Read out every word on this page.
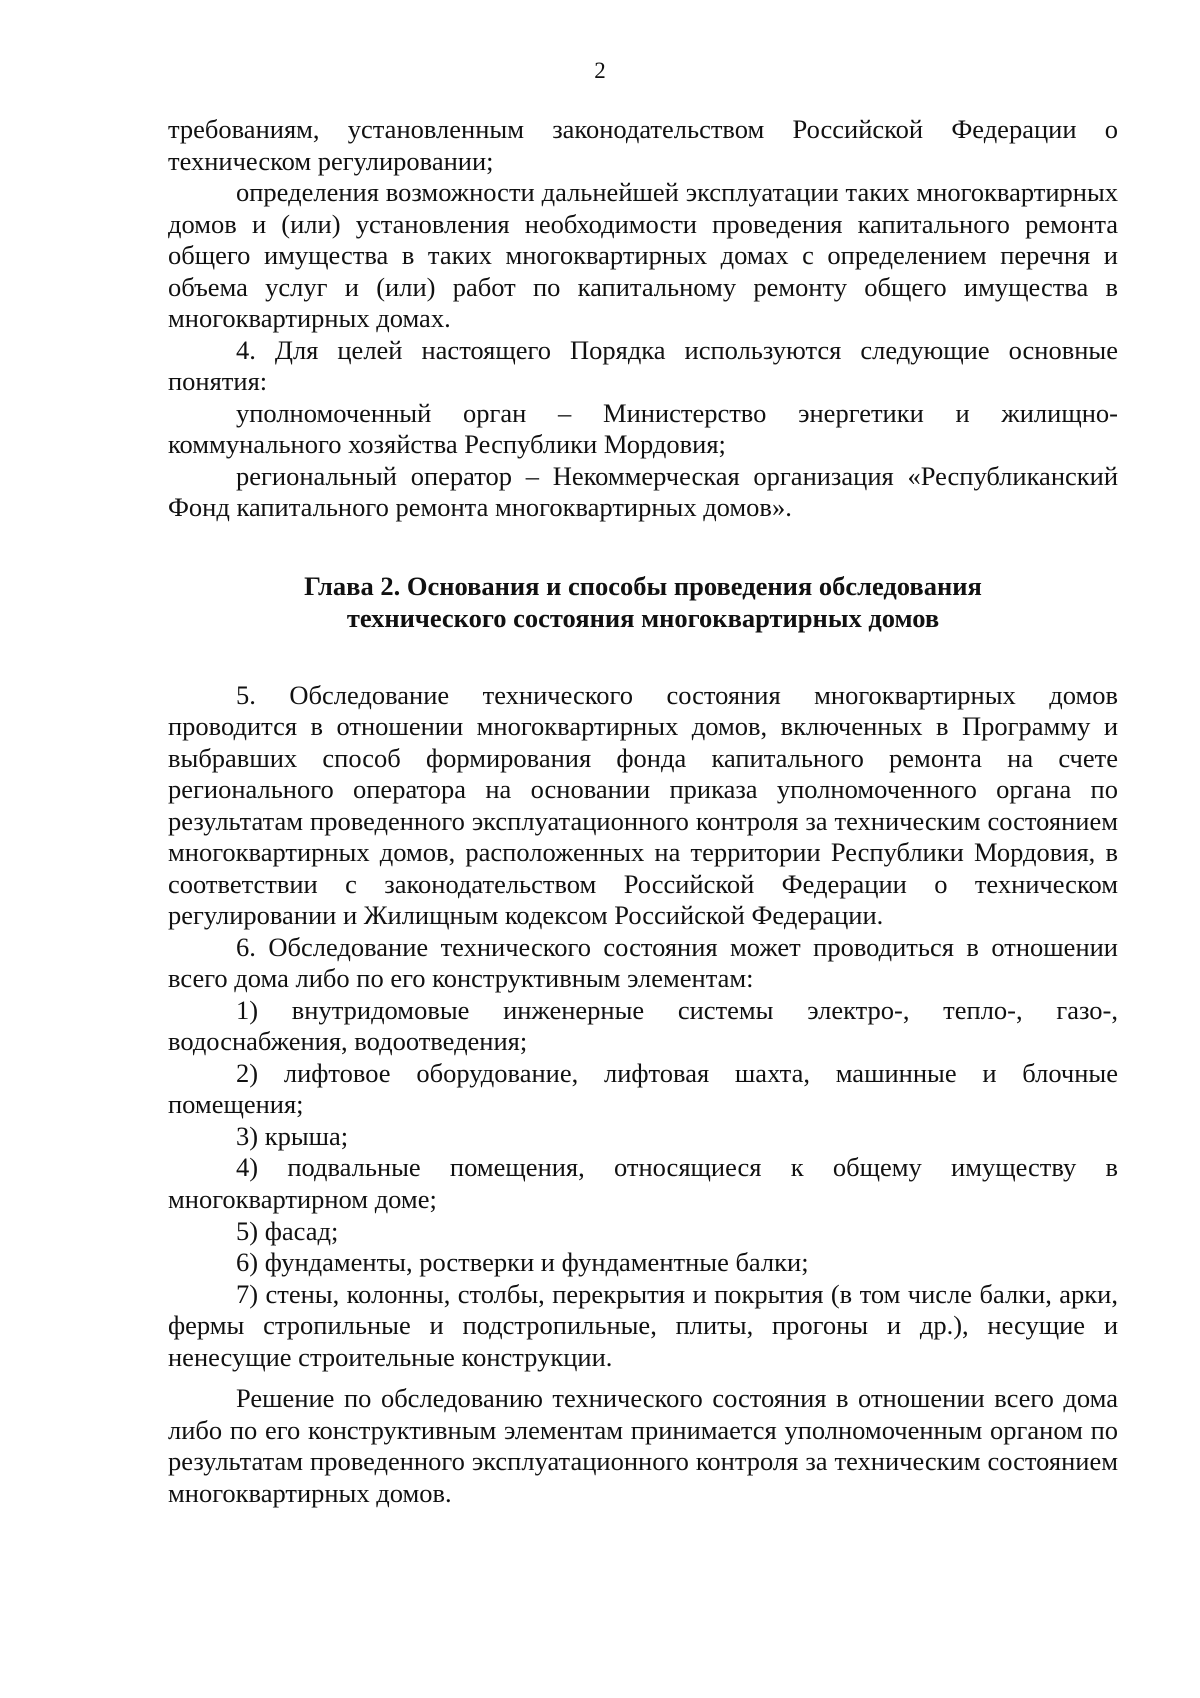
2

требованиям, установленным законодательством Российской Федерации о техническом регулировании;

определения возможности дальнейшей эксплуатации таких многоквартирных домов и (или) установления необходимости проведения капитального ремонта общего имущества в таких многоквартирных домах с определением перечня и объема услуг и (или) работ по капитальному ремонту общего имущества в многоквартирных домах.

4. Для целей настоящего Порядка используются следующие основные понятия:

уполномоченный орган – Министерство энергетики и жилищно-коммунального хозяйства Республики Мордовия;

региональный оператор – Некоммерческая организация «Республиканский Фонд капитального ремонта многоквартирных домов».

Глава 2. Основания и способы проведения обследования
технического состояния многоквартирных домов

5. Обследование технического состояния многоквартирных домов проводится в отношении многоквартирных домов, включенных в Программу и выбравших способ формирования фонда капитального ремонта на счете регионального оператора на основании приказа уполномоченного органа по результатам проведенного эксплуатационного контроля за техническим состоянием многоквартирных домов, расположенных на территории Республики Мордовия, в соответствии с законодательством Российской Федерации о техническом регулировании и Жилищным кодексом Российской Федерации.

6. Обследование технического состояния может проводиться в отношении всего дома либо по его конструктивным элементам:

1) внутридомовые инженерные системы электро-, тепло-, газо-, водоснабжения, водоотведения;

2) лифтовое оборудование, лифтовая шахта, машинные и блочные помещения;

3) крыша;

4) подвальные помещения, относящиеся к общему имуществу в многоквартирном доме;

5) фасад;

6) фундаменты, ростверки и фундаментные балки;

7) стены, колонны, столбы, перекрытия и покрытия (в том числе балки, арки, фермы стропильные и подстропильные, плиты, прогоны и др.), несущие и ненесущие строительные конструкции.

Решение по обследованию технического состояния в отношении всего дома либо по его конструктивным элементам принимается уполномоченным органом по результатам проведенного эксплуатационного контроля за техническим состоянием многоквартирных домов.
